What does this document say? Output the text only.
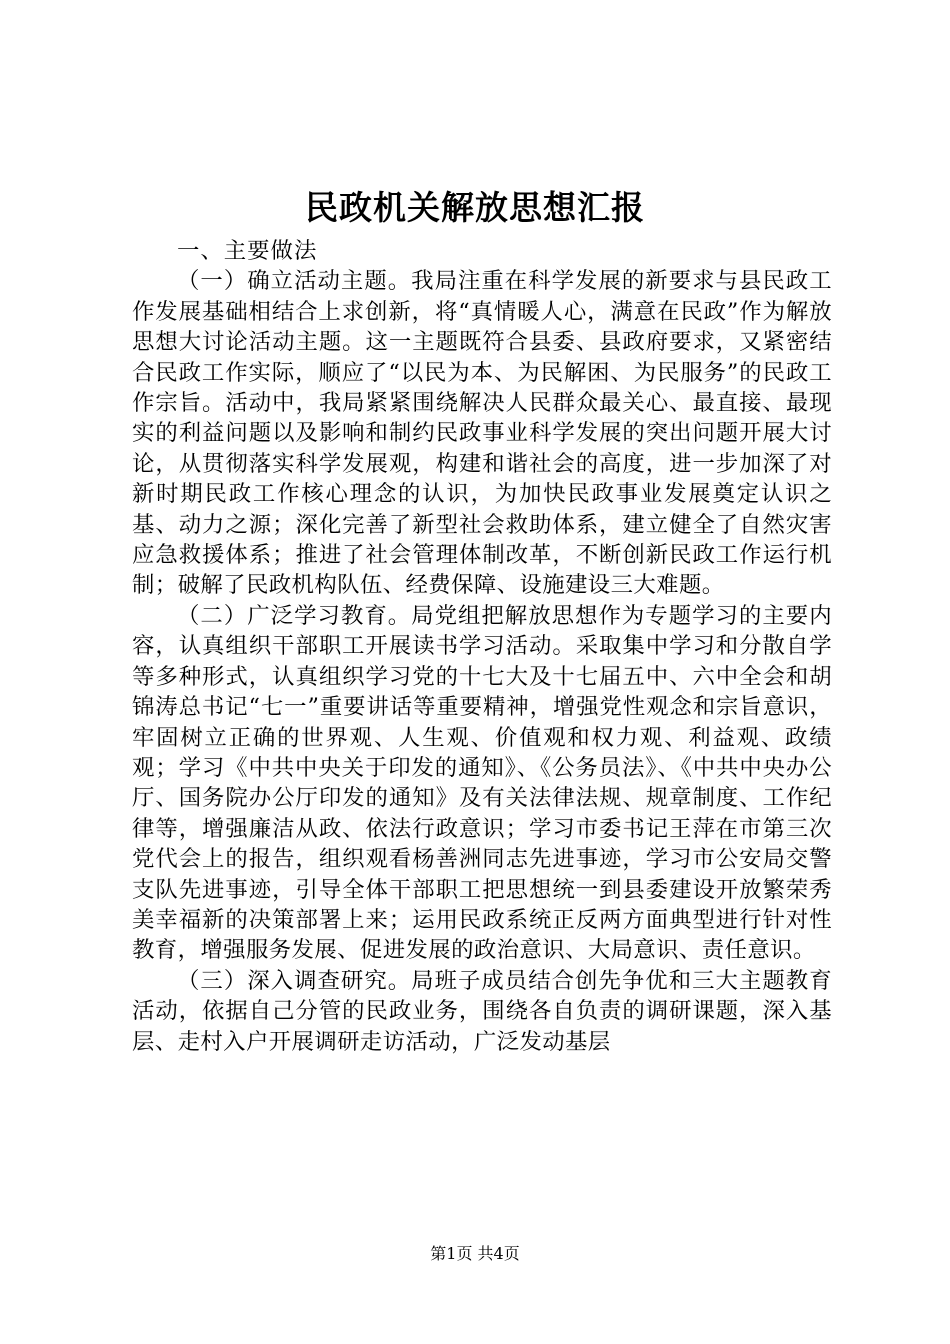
民政机关解放思想汇报

一、主要做法

（一）确立活动主题。我局注重在科学发展的新要求与县民政工作发展基础相结合上求创新，将“真情暖人心，满意在民政”作为解放思想大讨论活动主题。这一主题既符合县委、县政府要求，又紧密结合民政工作实际，顺应了“以民为本、为民解困、为民服务”的民政工作宗旨。活动中，我局紧紧围绕解决人民群众最关心、最直接、最现实的利益问题以及影响和制约民政事业科学发展的突出问题开展大讨论，从贯彻落实科学发展观，构建和谐社会的高度，进一步加深了对新时期民政工作核心理念的认识，为加快民政事业发展奠定认识之基、动力之源；深化完善了新型社会救助体系，建立健全了自然灾害应急救援体系；推进了社会管理体制改革，不断创新民政工作运行机制；破解了民政机构队伍、经费保障、设施建设三大难题。

（二）广泛学习教育。局党组把解放思想作为专题学习的主要内容，认真组织干部职工开展读书学习活动。采取集中学习和分散自学等多种形式，认真组织学习党的十七大及十七届五中、六中全会和胡锦涛总书记“七一”重要讲话等重要精神，增强党性观念和宗旨意识，牢固树立正确的世界观、人生观、价值观和权力观、利益观、政绩观；学习《中共中央关于印发的通知》、《公务员法》、《中共中央办公厅、国务院办公厅印发的通知》及有关法律法规、规章制度、工作纪律等，增强廉洁从政、依法行政意识；学习市委书记王萍在市第三次党代会上的报告，组织观看杨善洲同志先进事迹，学习市公安局交警支队先进事迹，引导全体干部职工把思想统一到县委建设开放繁荣秀美幸福新的决策部署上来；运用民政系统正反两方面典型进行针对性教育，增强服务发展、促进发展的政治意识、大局意识、责任意识。

（三）深入调查研究。局班子成员结合创先争优和三大主题教育活动，依据自己分管的民政业务，围绕各自负责的调研课题，深入基层、走村入户开展调研走访活动，广泛发动基层

第1页 共4页
